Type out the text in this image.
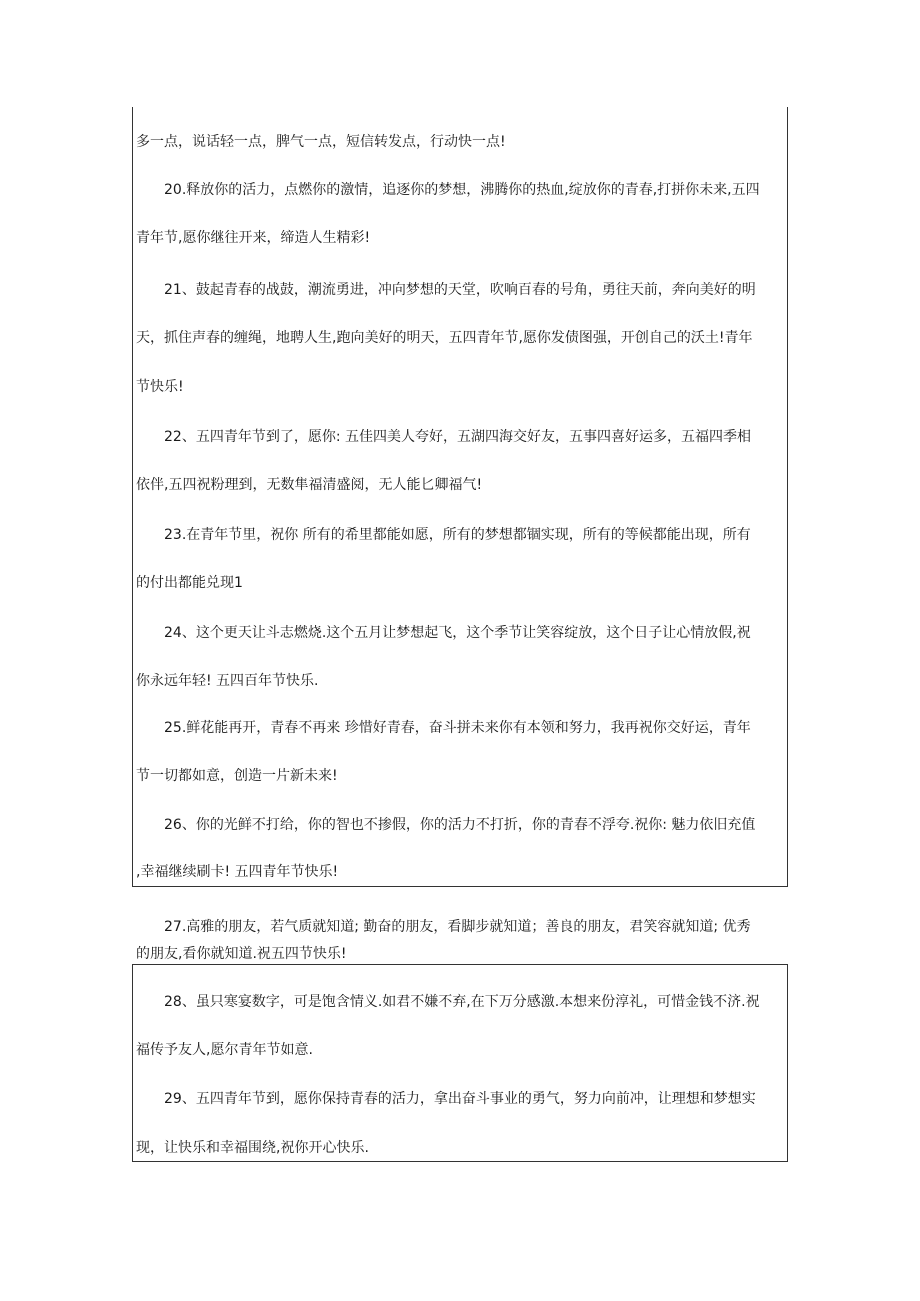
多一点，说话轻一点，脾气一点，短信转发点，行动快一点!
20.释放你的活力，点燃你的激情，追逐你的梦想，沸腾你的热血,绽放你的青春,打拼你未来,五四
青年节,愿你继往开来，缔造人生精彩!
21、鼓起青春的战鼓，潮流勇进，冲向梦想的天堂，吹响百春的号角，勇往天前，奔向美好的明
天，抓住声春的缠绳，地聘人生,跑向美好的明天，五四青年节,愿你发债图强，开创自己的沃土!青年
节快乐!
22、五四青年节到了，愿你: 五佳四美人夸好，五湖四海交好友，五事四喜好运多，五福四季相
依伴,五四祝粉理到，无数隼福清盛阅，无人能匕卿福气!
23.在青年节里，祝你 所有的希里都能如愿，所有的梦想都锢实现，所有的等候都能出现，所有
的付出都能兑现1
24、这个更天让斗志燃烧.这个五月让梦想起飞，这个季节让笑容绽放，这个日子让心情放假,祝
你永远年轻! 五四百年节快乐.
25.鲜花能再开，青春不再来 珍惜好青春，奋斗拼未来你有本领和努力，我再祝你交好运，青年
节一切都如意，创造一片新未来!
26、你的光鲜不打给，你的智也不掺假，你的活力不打折，你的青春不浮夸.祝你: 魅力依旧充值
,幸福继续刷卡! 五四青年节快乐!
27.高雅的朋友，若气质就知道; 勤奋的朋友，看脚步就知道；善良的朋友，君笑容就知道; 优秀
的朋友,看你就知道.祝五四节快乐!
28、虽只寒宴数字，可是饱含情义.如君不嫌不弃,在下万分感激.本想来份淳礼，可惜金钱不济.祝
福传予友人,愿尔青年节如意.
29、五四青年节到，愿你保持青春的活力，拿出奋斗事业的勇气，努力向前冲，让理想和梦想实
现，让快乐和幸福围绕,祝你开心快乐.
